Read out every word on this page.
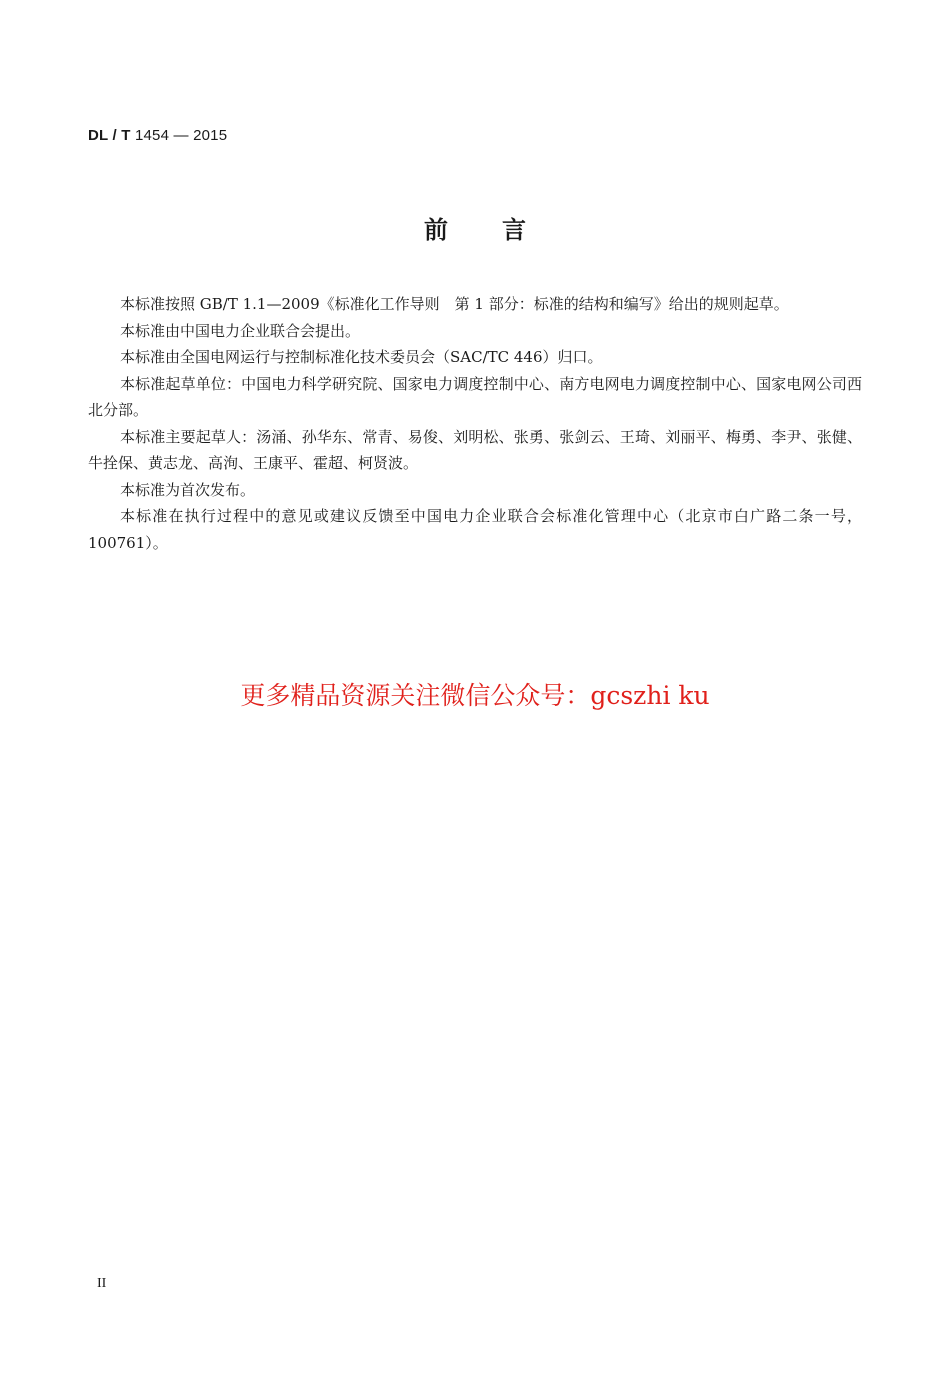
DL / T 1454 — 2015
前言

本标准按照 GB/T 1.1—2009《标准化工作导则　第 1 部分：标准的结构和编写》给出的规则起草。

本标准由中国电力企业联合会提出。

本标准由全国电网运行与控制标准化技术委员会（SAC/TC 446）归口。

本标准起草单位：中国电力科学研究院、国家电力调度控制中心、南方电网电力调度控制中心、国家电网公司西北分部。

本标准主要起草人：汤涌、孙华东、常青、易俊、刘明松、张勇、张剑云、王琦、刘丽平、梅勇、李尹、张健、牛拴保、黄志龙、高洵、王康平、霍超、柯贤波。

本标准为首次发布。

本标准在执行过程中的意见或建议反馈至中国电力企业联合会标准化管理中心（北京市白广路二条一号，100761）。

更多精品资源关注微信公众号：gcszhi ku
II
